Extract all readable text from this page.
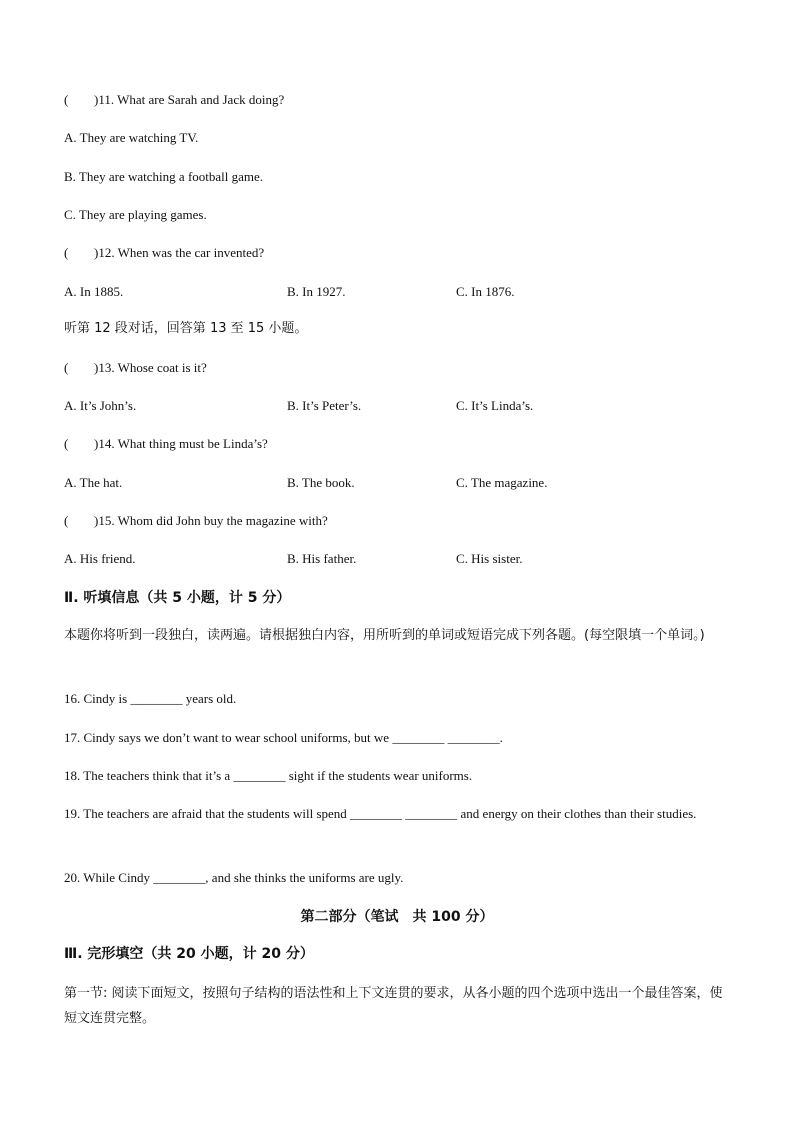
( )11. What are Sarah and Jack doing?
A. They are watching TV.
B. They are watching a football game.
C. They are playing games.
( )12. When was the car invented?
A. In 1885.	B. In 1927.	C. In 1876.
听第 12 段对话，回答第 13 至 15 小题。
( )13. Whose coat is it?
A. It’s John’s.	B. It’s Peter’s.	C. It’s Linda’s.
( )14. What thing must be Linda’s?
A. The hat.	B. The book.	C. The magazine.
( )15. Whom did John buy the magazine with?
A. His friend.	B. His father.	C. His sister.
Ⅱ. 听填信息（共 5 小题，计 5 分）
本题你将听到一段独白，读两遍。请根据独白内容，用所听到的单词或短语完成下列各题。(每空限填一个单词。)
16. Cindy is ________ years old.
17. Cindy says we don’t want to wear school uniforms, but we ________ ________.
18. The teachers think that it’s a ________ sight if the students wear uniforms.
19. The teachers are afraid that the students will spend ________ ________ and energy on their clothes than their studies.
20. While Cindy ________, and she thinks the uniforms are ugly.
第二部分（笔试　共 100 分）
Ⅲ. 完形填空（共 20 小题，计 20 分）
第一节: 阅读下面短文，按照句子结构的语法性和上下文连贯的要求，从各小题的四个选项中选出一个最佳答案，使短文连贯完整。
